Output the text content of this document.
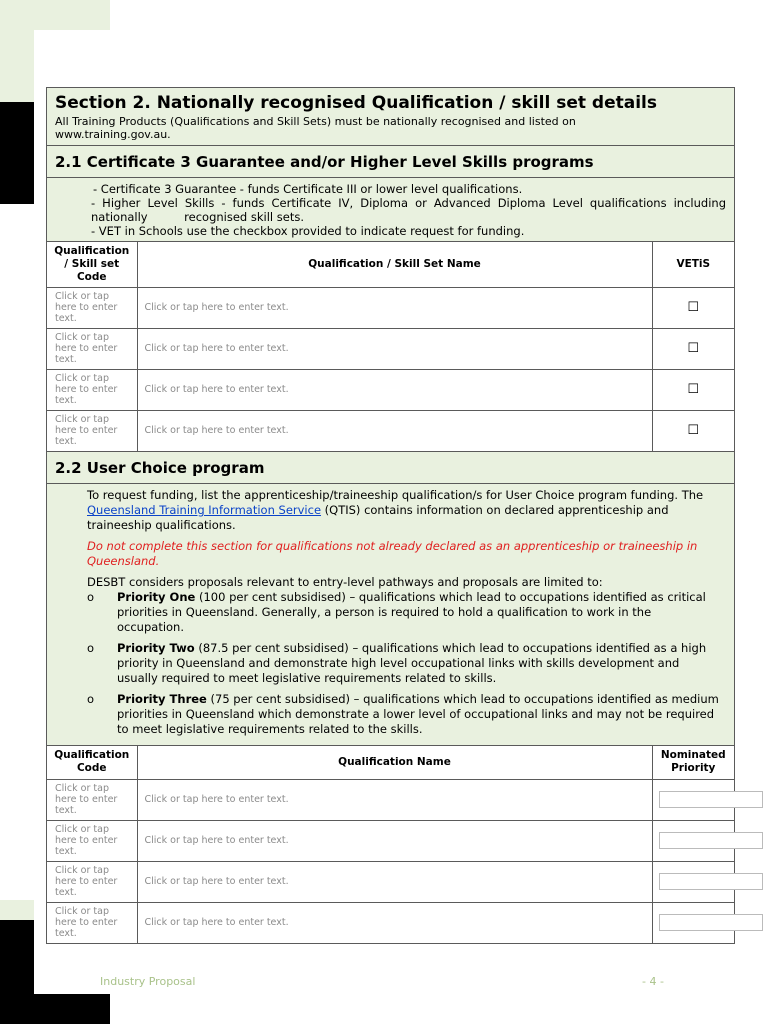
Section 2. Nationally recognised Qualification / skill set details
All Training Products (Qualifications and Skill Sets) must be nationally recognised and listed on www.training.gov.au.
2.1 Certificate 3 Guarantee and/or Higher Level Skills programs
- Certificate 3 Guarantee - funds Certificate III or lower level qualifications.
- Higher Level Skills - funds Certificate IV, Diploma or Advanced Diploma Level qualifications including nationally          recognised skill sets.
- VET in Schools use the checkbox provided to indicate request for funding.
Qualification / Skill set Code	Qualification / Skill Set Name	VETiS
Click or tap here to enter text.	Click or tap here to enter text.	☐
Click or tap here to enter text.	Click or tap here to enter text.	☐
Click or tap here to enter text.	Click or tap here to enter text.	☐
Click or tap here to enter text.	Click or tap here to enter text.	☐
2.2 User Choice program
To request funding, list the apprenticeship/traineeship qualification/s for User Choice program funding. The Queensland Training Information Service (QTIS) contains information on declared apprenticeship and traineeship qualifications.
Do not complete this section for qualifications not already declared as an apprenticeship or traineeship in Queensland.
DESBT considers proposals relevant to entry-level pathways and proposals are limited to:
o	Priority One (100 per cent subsidised) – qualifications which lead to occupations identified as critical priorities in Queensland. Generally, a person is required to hold a qualification to work in the occupation.
o	Priority Two (87.5 per cent subsidised) – qualifications which lead to occupations identified as a high priority in Queensland and demonstrate high level occupational links with skills development and usually required to meet legislative requirements related to skills.
o	Priority Three (75 per cent subsidised) – qualifications which lead to occupations identified as medium priorities in Queensland which demonstrate a lower level of occupational links and may not be required to meet legislative requirements related to the skills.
Qualification Code	Qualification Name	Nominated Priority
Click or tap here to enter text.	Click or tap here to enter text.	

Click or tap here to enter text.	Click or tap here to enter text.	

Click or tap here to enter text.	Click or tap here to enter text.	

Click or tap here to enter text.	Click or tap here to enter text.	
Industry Proposal	- 4 -
